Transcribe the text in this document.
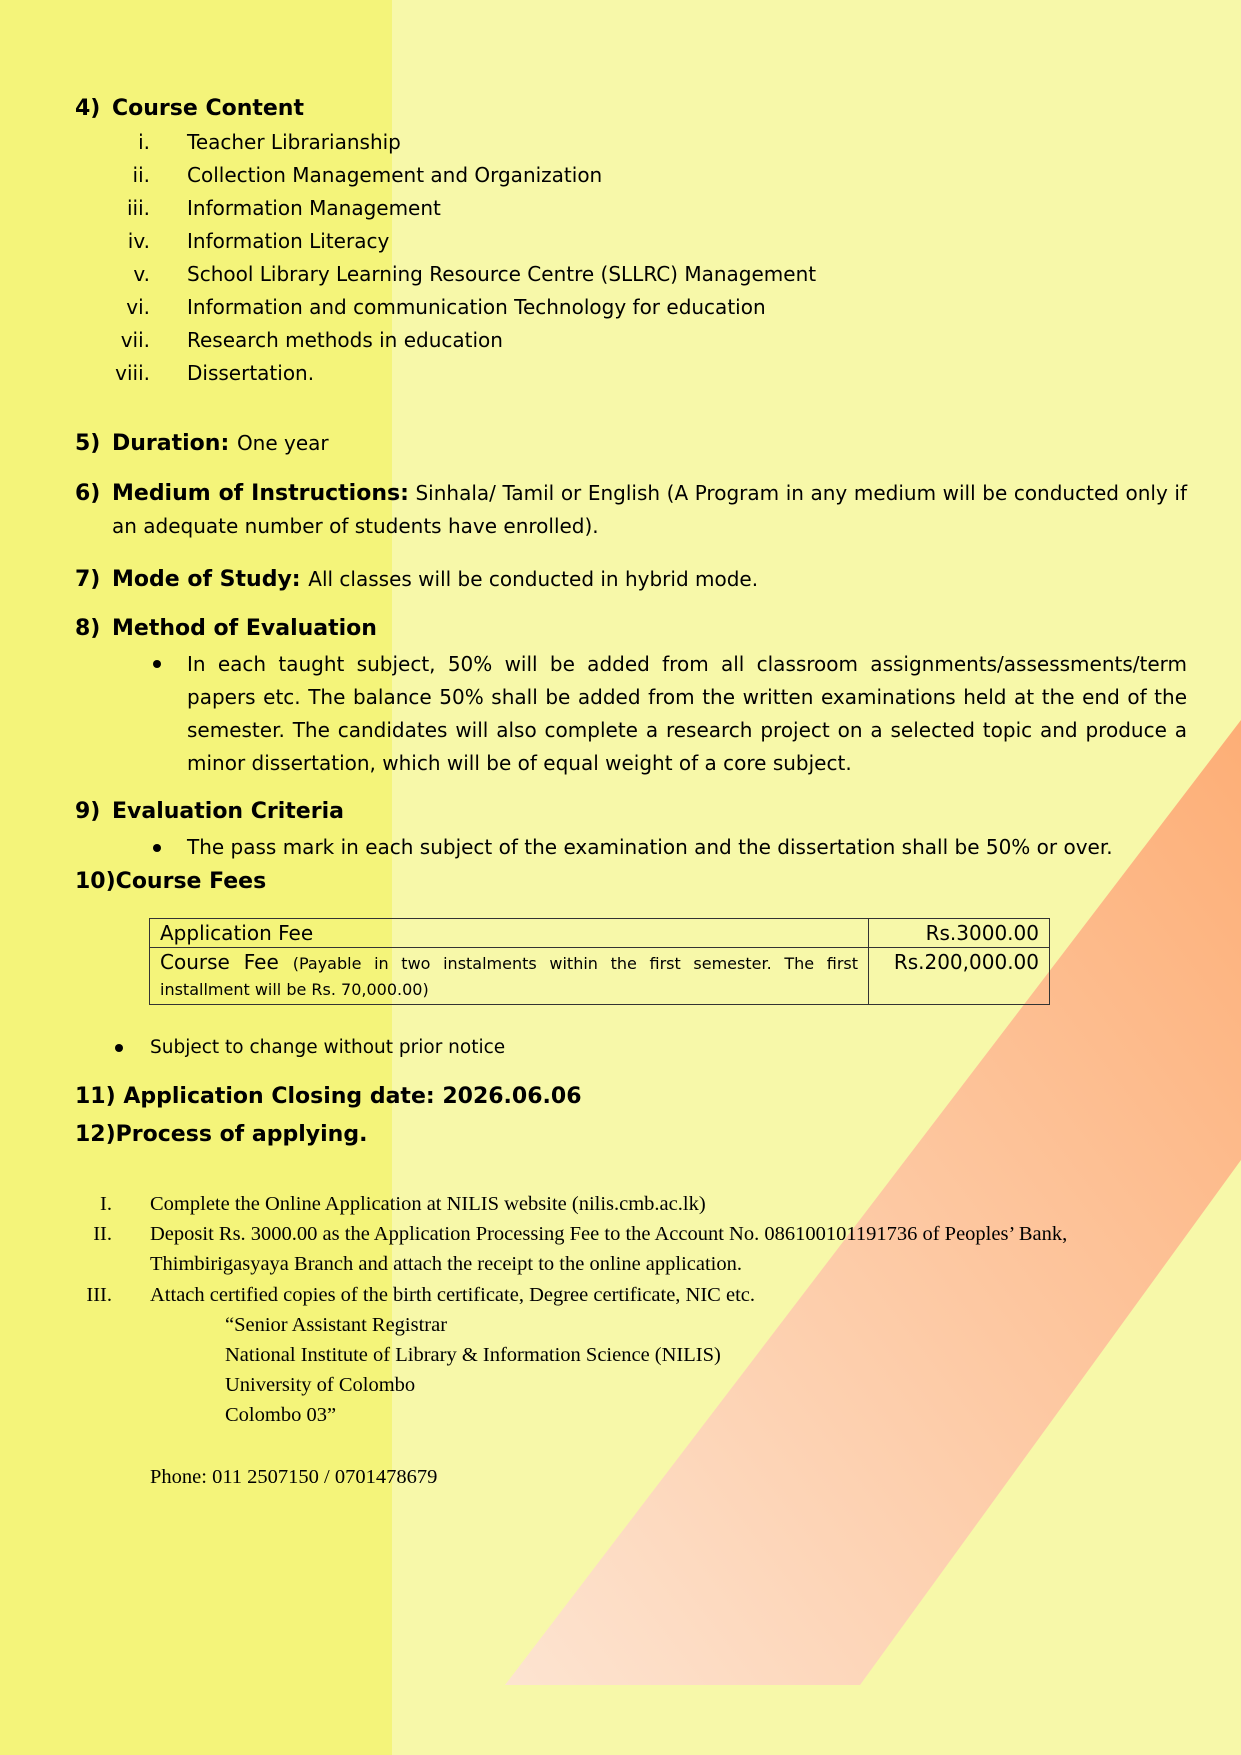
4) Course Content
i. Teacher Librarianship
ii. Collection Management and Organization
iii. Information Management
iv. Information Literacy
v. School Library Learning Resource Centre (SLLRC) Management
vi. Information and communication Technology for education
vii. Research methods in education
viii. Dissertation.
5) Duration: One year
6) Medium of Instructions: Sinhala/ Tamil or English (A Program in any medium will be conducted only if an adequate number of students have enrolled).
7) Mode of Study: All classes will be conducted in hybrid mode.
8) Method of Evaluation
In each taught subject, 50% will be added from all classroom assignments/assessments/term papers etc. The balance 50% shall be added from the written examinations held at the end of the semester. The candidates will also complete a research project on a selected topic and produce a minor dissertation, which will be of equal weight of a core subject.
9) Evaluation Criteria
The pass mark in each subject of the examination and the dissertation shall be 50% or over.
10)Course Fees
Application Fee	Rs.3000.00
Course Fee (Payable in two instalments within the first semester. The first installment will be Rs. 70,000.00)	Rs.200,000.00
Subject to change without prior notice
11) Application Closing date: 2026.06.06
12)Process of applying.
I. Complete the Online Application at NILIS website (nilis.cmb.ac.lk)
II. Deposit Rs. 3000.00 as the Application Processing Fee to the Account No. 086100101191736 of Peoples’ Bank,
Thimbirigasyaya Branch and attach the receipt to the online application.
III. Attach certified copies of the birth certificate, Degree certificate, NIC etc.
“Senior Assistant Registrar
National Institute of Library & Information Science (NILIS)
University of Colombo
Colombo 03”
Phone: 011 2507150 / 0701478679
